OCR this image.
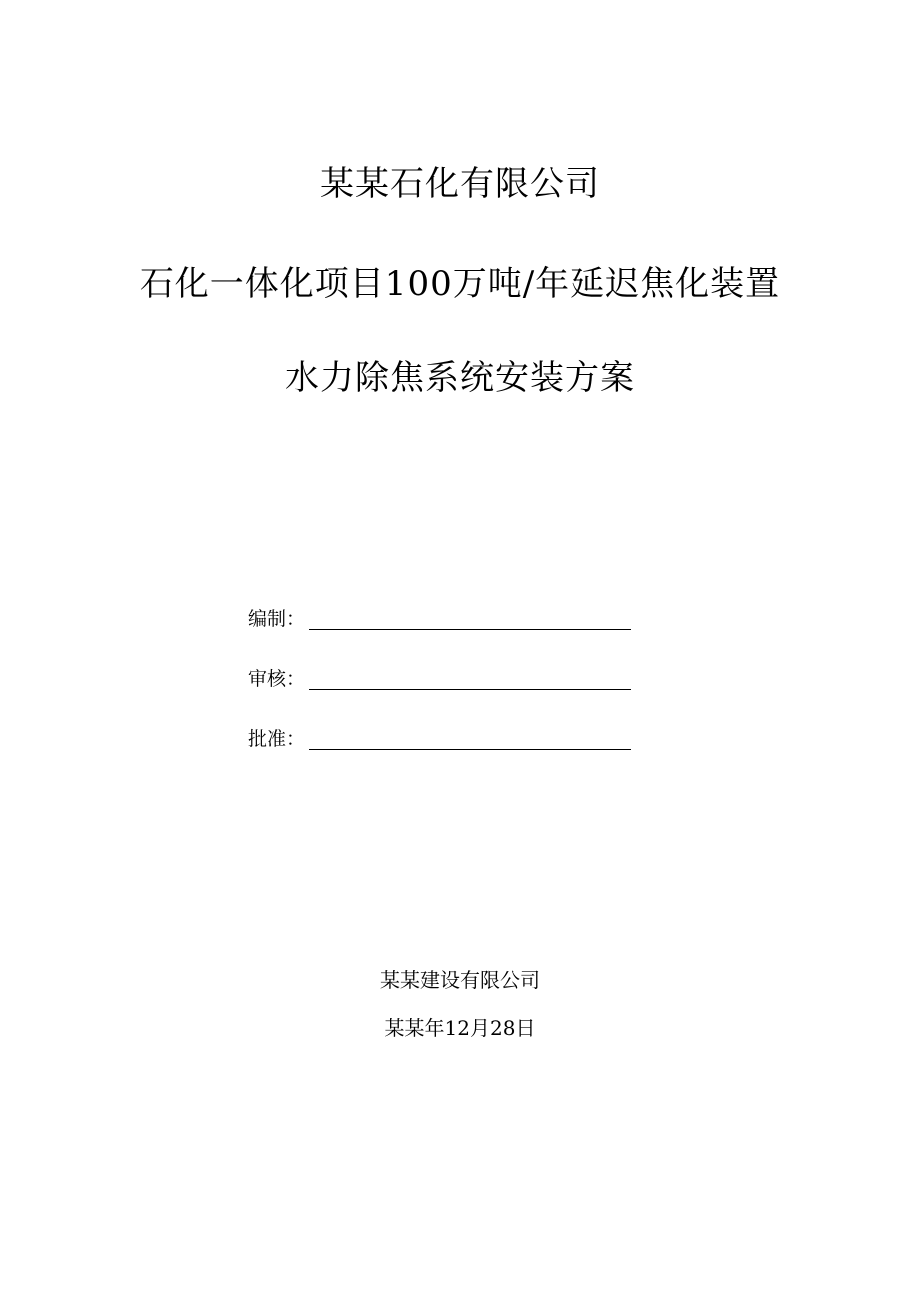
某某石化有限公司
石化一体化项目100万吨/年延迟焦化装置
水力除焦系统安装方案
编制：
审核：
批准：
某某建设有限公司
某某年12月28日
